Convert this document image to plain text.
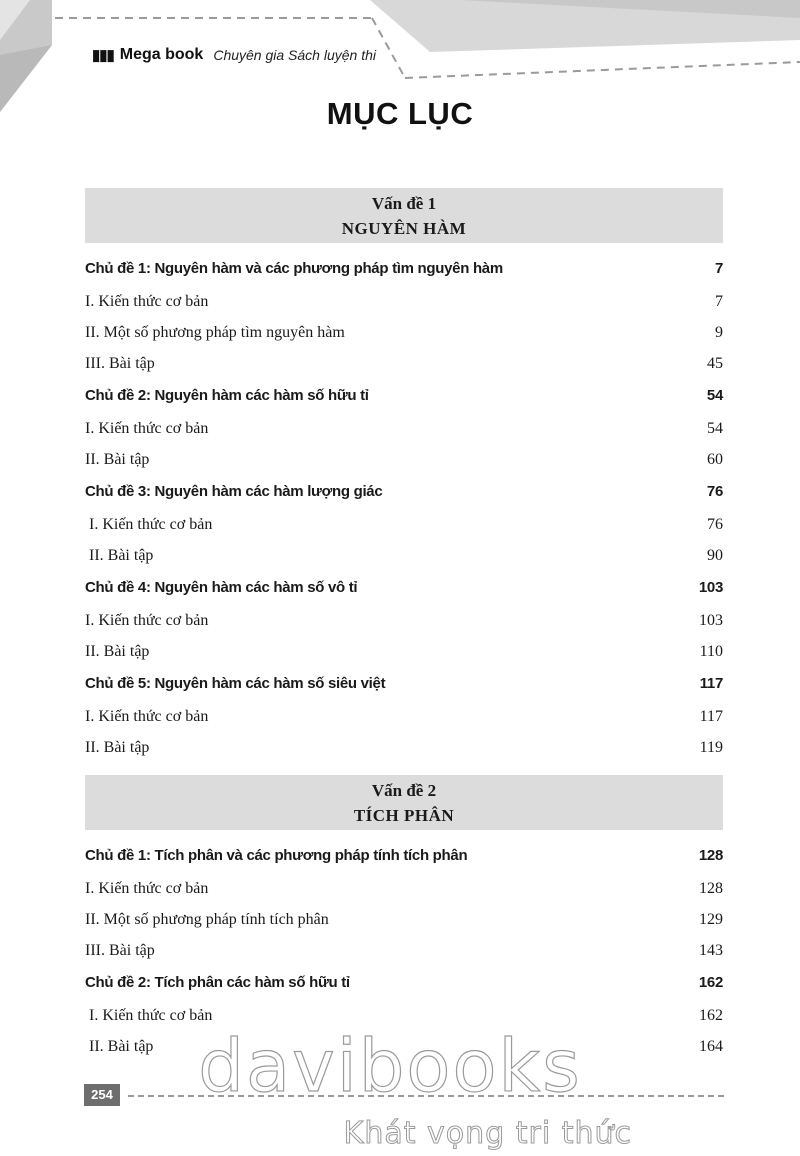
▮▮▮ Mega book Chuyên gia Sách luyện thi
MỤC LỤC
Vấn đề 1
NGUYÊN HÀM
Chủ đề 1: Nguyên hàm và các phương pháp tìm nguyên hàm	7
I. Kiến thức cơ bản	7
II. Một số phương pháp tìm nguyên hàm	9
III. Bài tập	45
Chủ đề 2: Nguyên hàm các hàm số hữu tỉ	54
I. Kiến thức cơ bản	54
II. Bài tập	60
Chủ đề 3: Nguyên hàm các hàm lượng giác	76
I. Kiến thức cơ bản	76
II. Bài tập	90
Chủ đề 4: Nguyên hàm các hàm số vô tỉ	103
I. Kiến thức cơ bản	103
II. Bài tập	110
Chủ đề 5: Nguyên hàm các hàm số siêu việt	117
I. Kiến thức cơ bản	117
II. Bài tập	119
Vấn đề 2
TÍCH PHÂN
Chủ đề 1: Tích phân và các phương pháp tính tích phân	128
I. Kiến thức cơ bản	128
II. Một số phương pháp tính tích phân	129
III. Bài tập	143
Chủ đề 2: Tích phân các hàm số hữu tỉ	162
I. Kiến thức cơ bản	162
II. Bài tập	164
254	davibooks
Khát vọng tri thức
